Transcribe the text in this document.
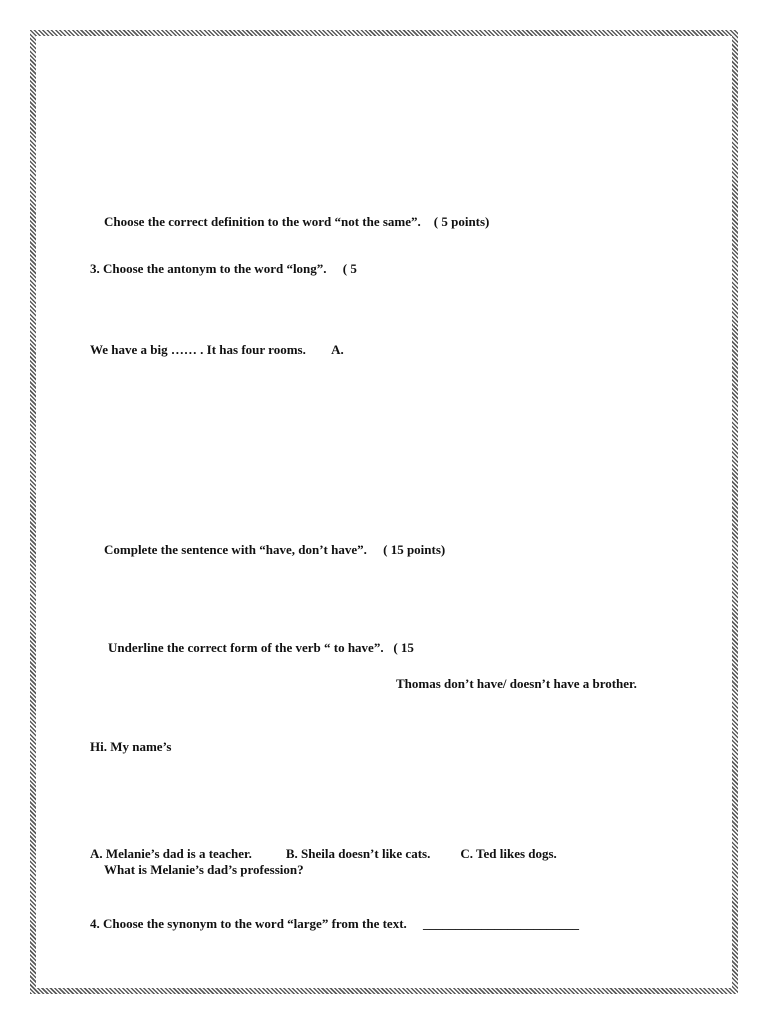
Choose the correct definition to the word “not the same”.    ( 5 points)
3. Choose the antonym to the word “long”.     ( 5
We have a big …… . It has four rooms.        A.
Complete the sentence with “have, don’t have”.     ( 15 points)
Underline the correct form of the verb “ to have”.   ( 15
Thomas don’t have/ doesn’t have a brother.
Hi. My name’s
A. Melanie’s dad is a teacher.	B. Sheila doesn’t like cats. C. Ted likes dogs.
What is Melanie’s dad’s profession?
4. Choose the synonym to the word “large” from the text.     ________________________
